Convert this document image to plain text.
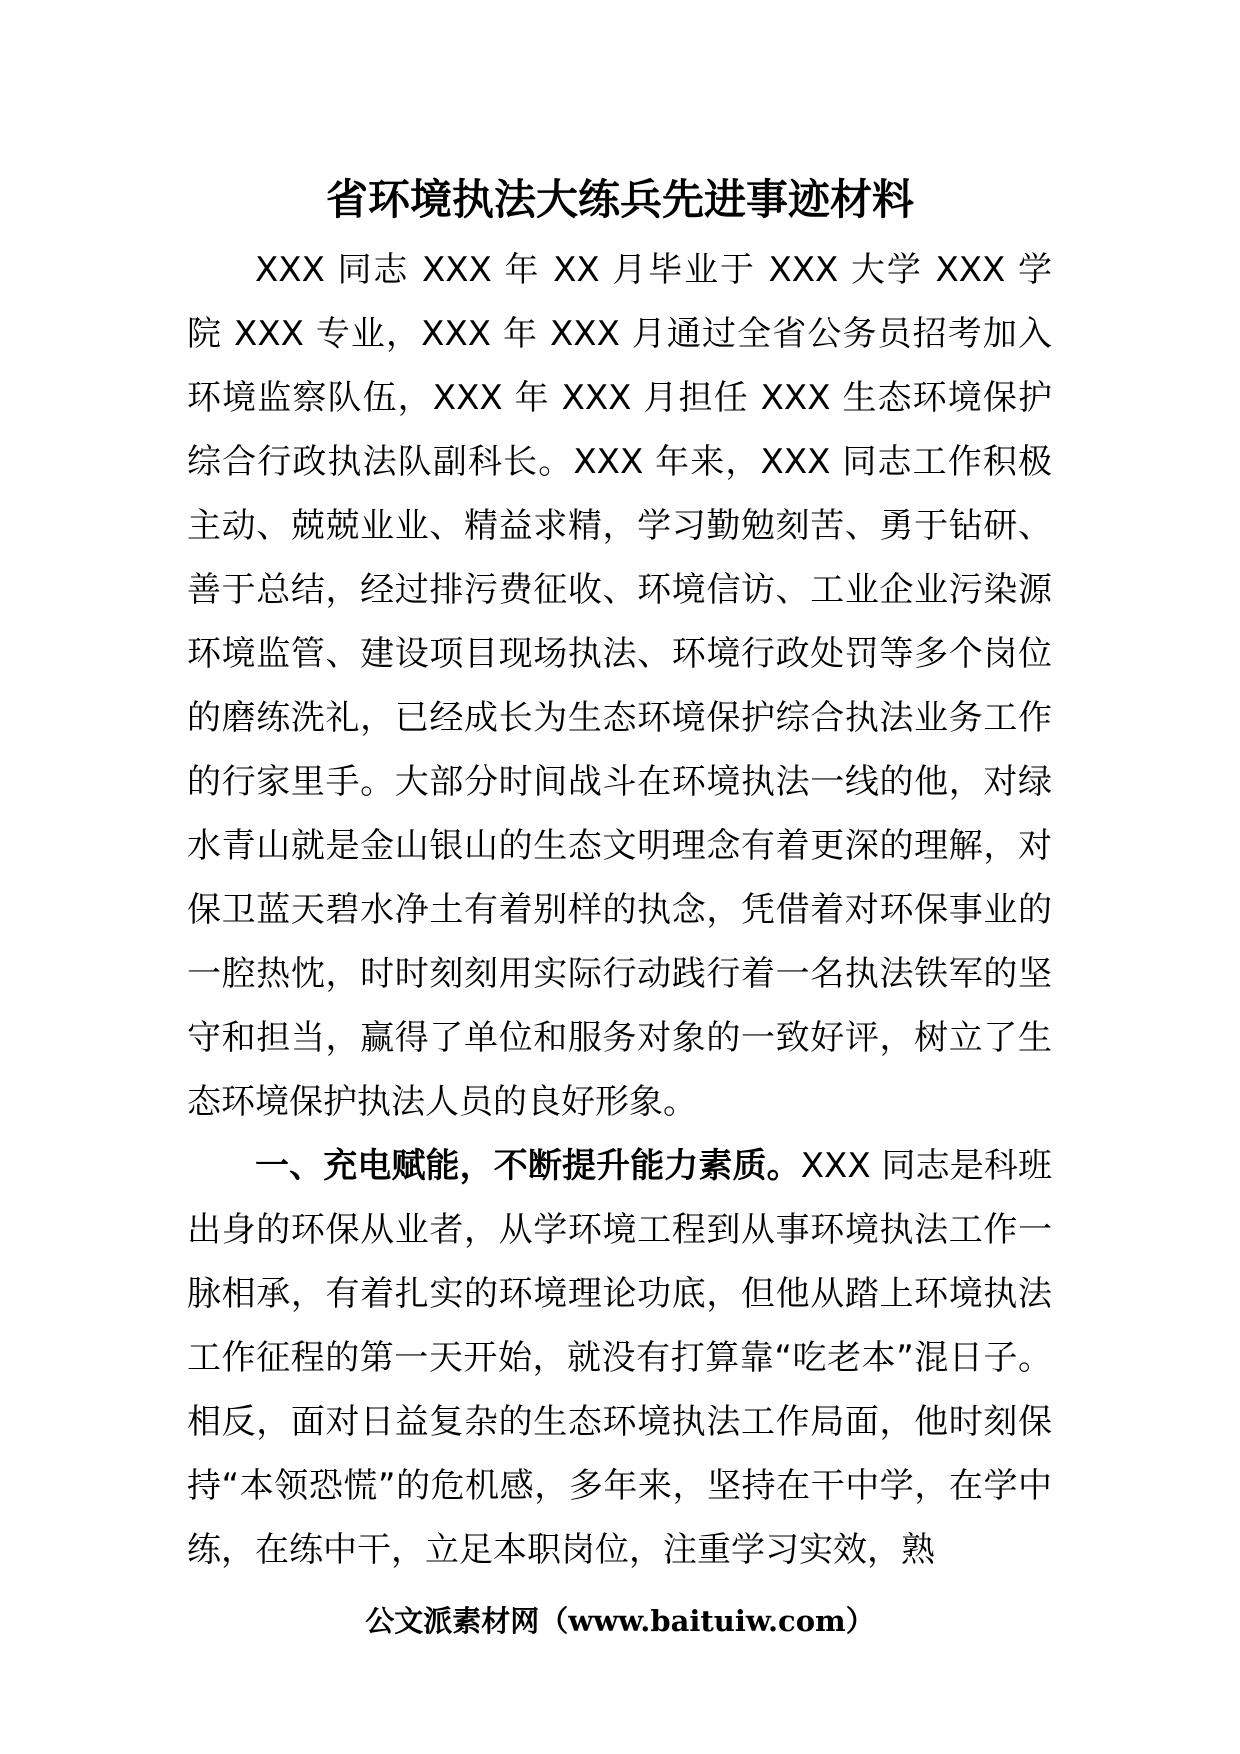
省环境执法大练兵先进事迹材料

XXX 同志 XXX 年 XX 月毕业于 XXX 大学 XXX 学院 XXX 专业，XXX 年 XXX 月通过全省公务员招考加入环境监察队伍，XXX 年 XXX 月担任 XXX 生态环境保护综合行政执法队副科长。XXX 年来，XXX 同志工作积极主动、兢兢业业、精益求精，学习勤勉刻苦、勇于钻研、善于总结，经过排污费征收、环境信访、工业企业污染源环境监管、建设项目现场执法、环境行政处罚等多个岗位的磨练洗礼，已经成长为生态环境保护综合执法业务工作的行家里手。大部分时间战斗在环境执法一线的他，对绿水青山就是金山银山的生态文明理念有着更深的理解，对保卫蓝天碧水净土有着别样的执念，凭借着对环保事业的一腔热忱，时时刻刻用实际行动践行着一名执法铁军的坚守和担当，赢得了单位和服务对象的一致好评，树立了生态环境保护执法人员的良好形象。

一、充电赋能，不断提升能力素质。XXX 同志是科班出身的环保从业者，从学环境工程到从事环境执法工作一脉相承，有着扎实的环境理论功底，但他从踏上环境执法工作征程的第一天开始，就没有打算靠“吃老本”混日子。相反，面对日益复杂的生态环境执法工作局面，他时刻保持“本领恐慌”的危机感，多年来，坚持在干中学，在学中练，在练中干，立足本职岗位，注重学习实效，熟

公文派素材网（www.baituiw.com）
